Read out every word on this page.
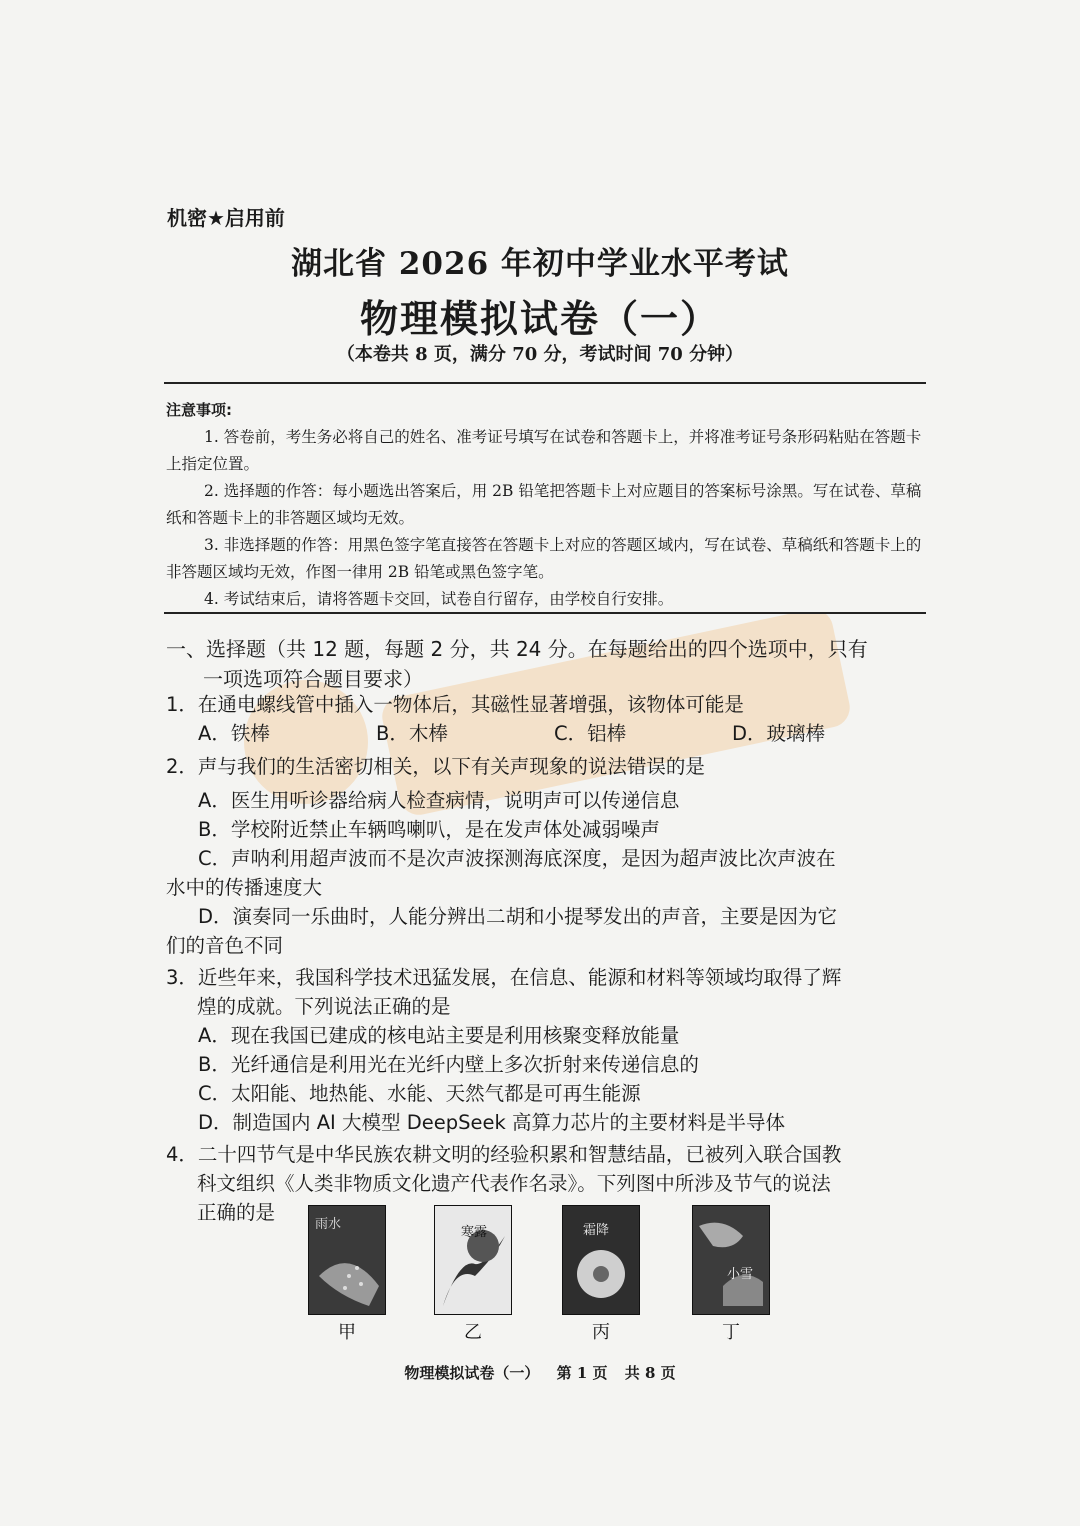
机密★启用前
湖北省 2026 年初中学业水平考试
物理模拟试卷（一）
（本卷共 8 页，满分 70 分，考试时间 70 分钟）

注意事项:

1. 答卷前，考生务必将自己的姓名、准考证号填写在试卷和答题卡上，并将准考证号条形码粘贴在答题卡上指定位置。

2. 选择题的作答：每小题选出答案后，用 2B 铅笔把答题卡上对应题目的答案标号涂黑。写在试卷、草稿纸和答题卡上的非答题区域均无效。

3. 非选择题的作答：用黑色签字笔直接答在答题卡上对应的答题区域内，写在试卷、草稿纸和答题卡上的非答题区域均无效，作图一律用 2B 铅笔或黑色签字笔。

4. 考试结束后，请将答题卡交回，试卷自行留存，由学校自行安排。

一、选择题（共 12 题，每题 2 分，共 24 分。在每题给出的四个选项中，只有
一项选项符合题目要求）
1．在通电螺线管中插入一物体后，其磁性显著增强，该物体可能是
A．铁棒	B．木棒	C．铝棒	D．玻璃棒
2．声与我们的生活密切相关，以下有关声现象的说法错误的是
A．医生用听诊器给病人检查病情，说明声可以传递信息
B．学校附近禁止车辆鸣喇叭，是在发声体处减弱噪声
C．声呐利用超声波而不是次声波探测海底深度，是因为超声波比次声波在
水中的传播速度大
D．演奏同一乐曲时，人能分辨出二胡和小提琴发出的声音，主要是因为它
们的音色不同
3．近些年来，我国科学技术迅猛发展，在信息、能源和材料等领域均取得了辉
煌的成就。下列说法正确的是
A．现在我国已建成的核电站主要是利用核聚变释放能量
B．光纤通信是利用光在光纤内壁上多次折射来传递信息的
C．太阳能、地热能、水能、天然气都是可再生能源
D．制造国内 AI 大模型 DeepSeek 高算力芯片的主要材料是半导体
4．二十四节气是中华民族农耕文明的经验积累和智慧结晶，已被列入联合国教
科文组织《人类非物质文化遗产代表作名录》。下列图中所涉及节气的说法
正确的是
雨水
甲
寒露
乙
霜降
丙
小雪
丁
物理模拟试卷（一） 第 1 页 共 8 页
